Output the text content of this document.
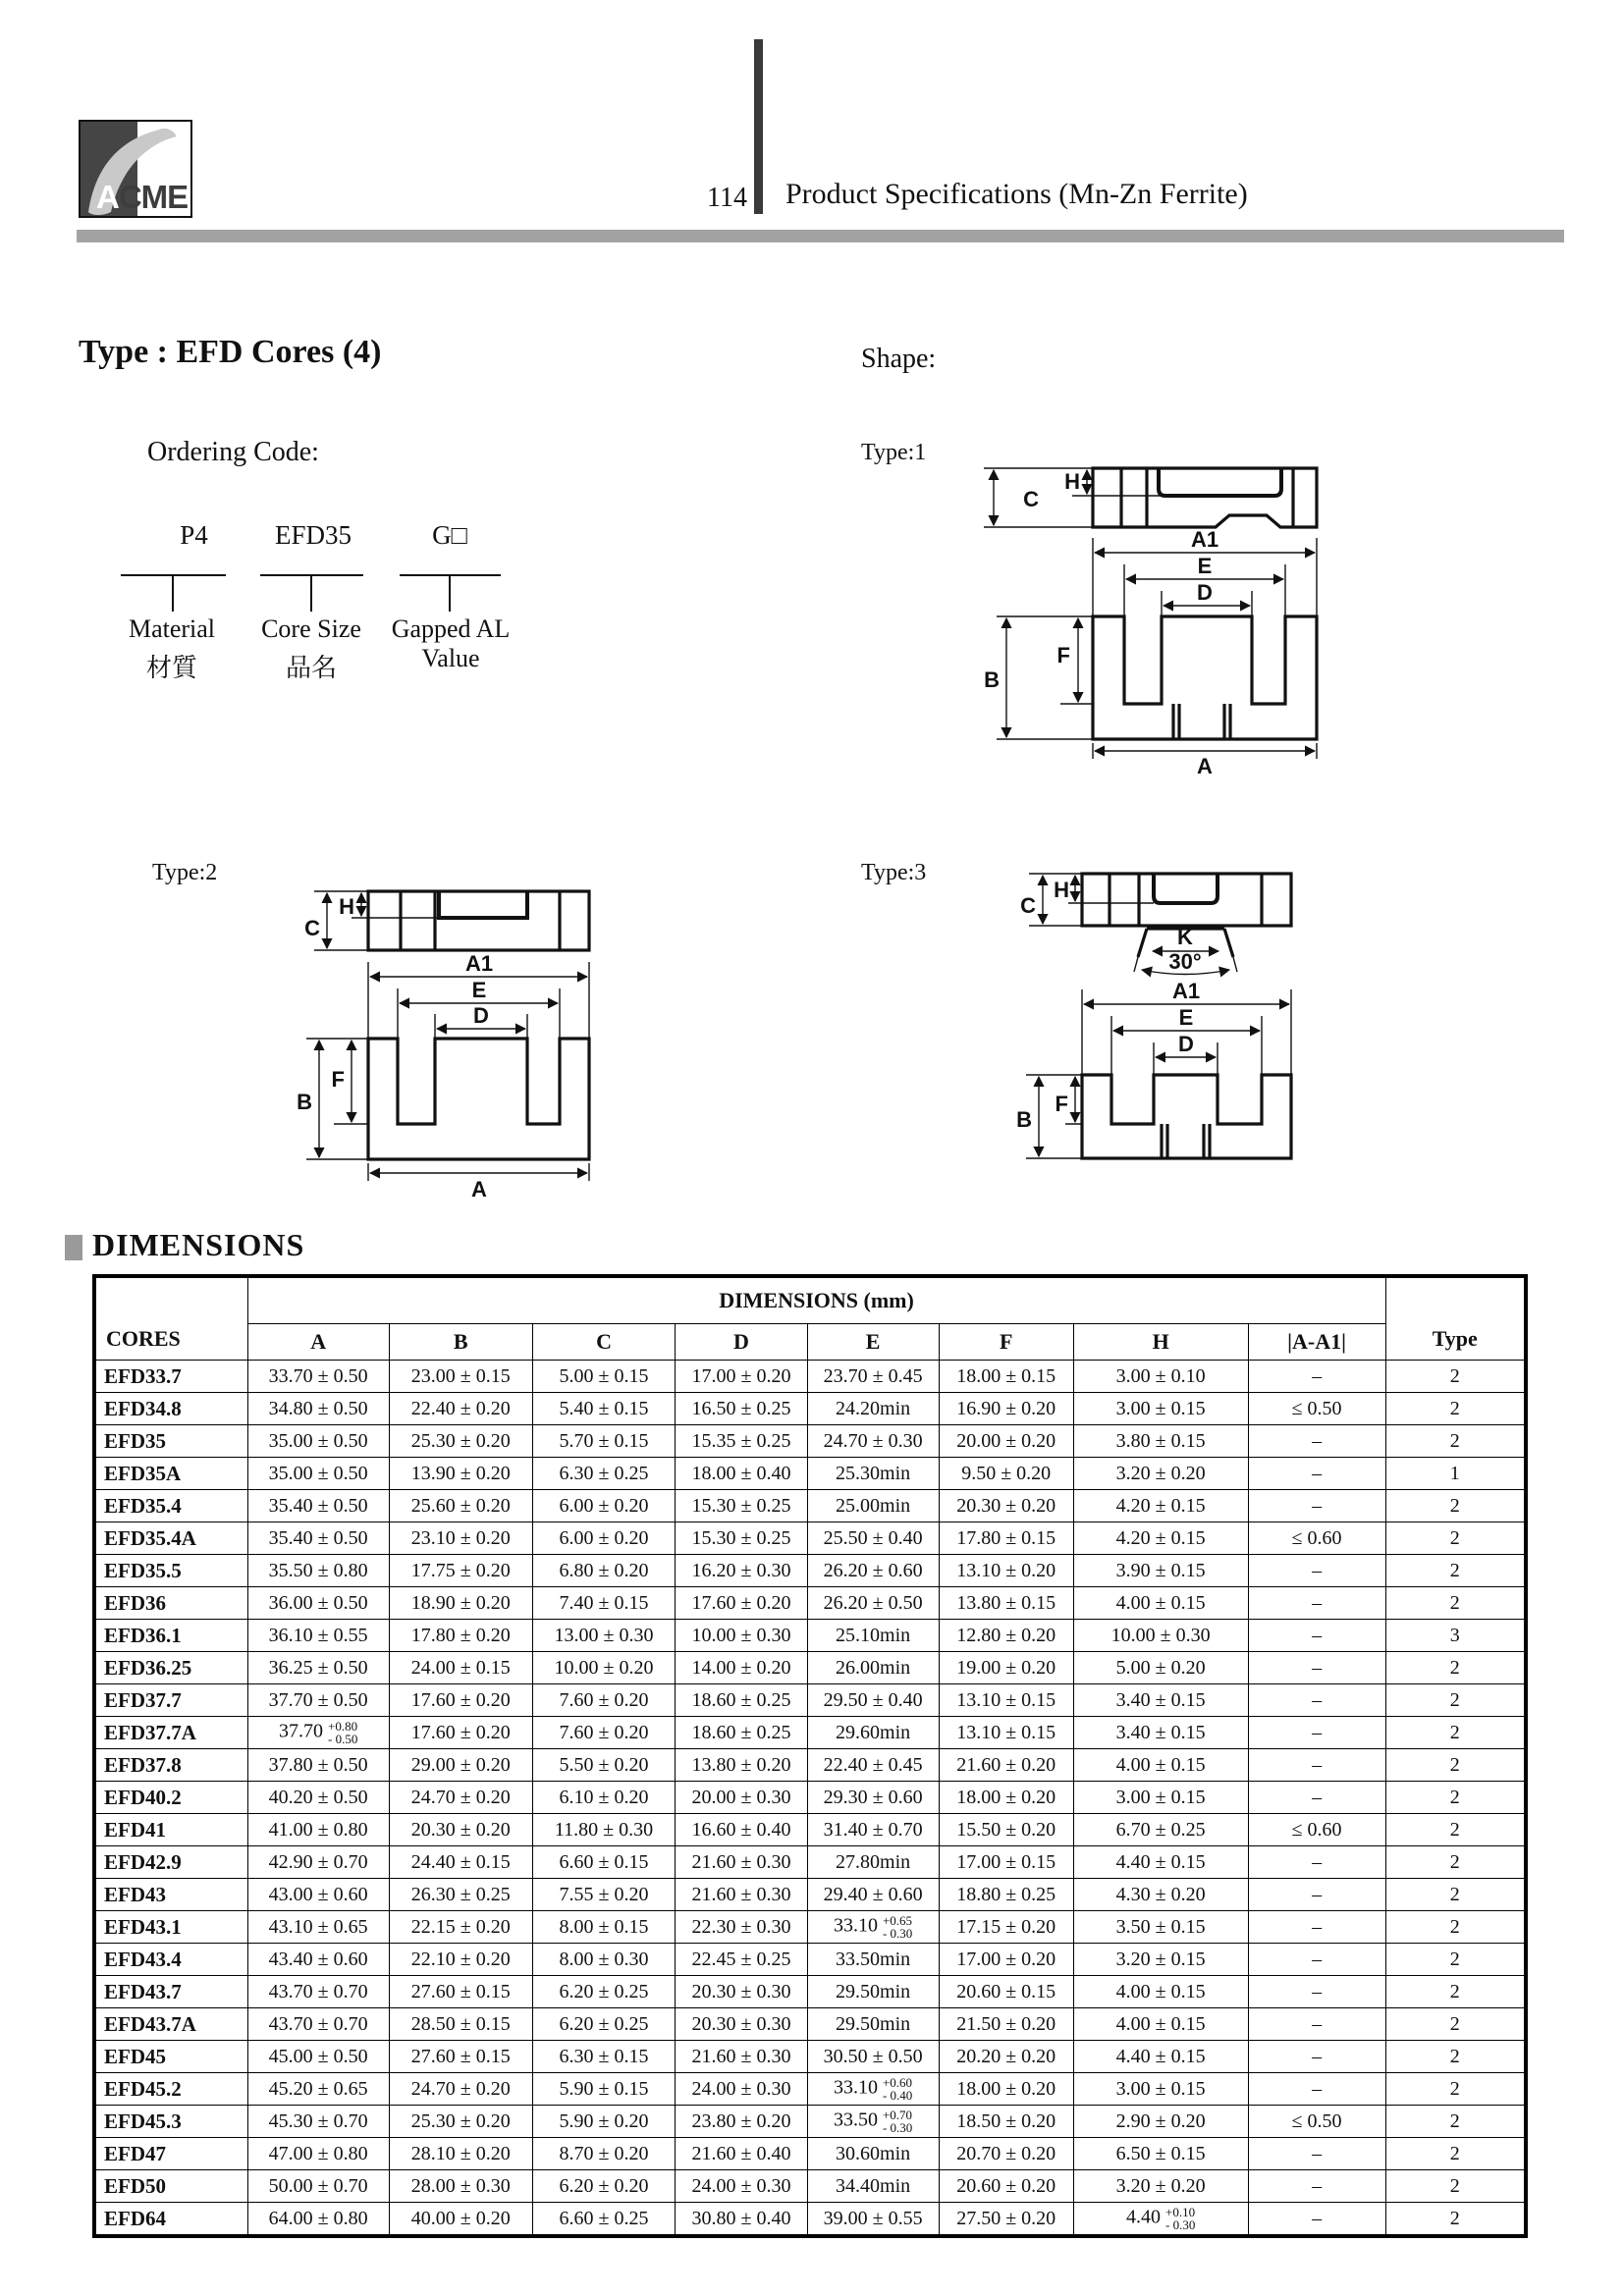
ACME	114 Product Specifications (Mn-Zn Ferrite)
Type : EFD Cores (4)	Shape:
Ordering Code:
P4	EFD35	G□
Material
材質
Core Size
品名
Gapped AL Value
Type:1
C
H
A1
E
D
B
F
A
Type:2
C
H
A1
E
D
B
F
A
Type:3
C
H
K
30°
A1
E
D
B
F
DIMENSIONS
CORES	DIMENSIONS (mm)								Type
	A	B	C	D	E	F	H	|A-A1|	
EFD33.7	33.70 ± 0.50	23.00 ± 0.15	5.00 ± 0.15	17.00 ± 0.20	23.70 ± 0.45	18.00 ± 0.15	3.00 ± 0.10	–	2
EFD34.8	34.80 ± 0.50	22.40 ± 0.20	5.40 ± 0.15	16.50 ± 0.25	24.20min	16.90 ± 0.20	3.00 ± 0.15	≤ 0.50	2
EFD35	35.00 ± 0.50	25.30 ± 0.20	5.70 ± 0.15	15.35 ± 0.25	24.70 ± 0.30	20.00 ± 0.20	3.80 ± 0.15	–	2
EFD35A	35.00 ± 0.50	13.90 ± 0.20	6.30 ± 0.25	18.00 ± 0.40	25.30min	9.50 ± 0.20	3.20 ± 0.20	–	1
EFD35.4	35.40 ± 0.50	25.60 ± 0.20	6.00 ± 0.20	15.30 ± 0.25	25.00min	20.30 ± 0.20	4.20 ± 0.15	–	2
EFD35.4A	35.40 ± 0.50	23.10 ± 0.20	6.00 ± 0.20	15.30 ± 0.25	25.50 ± 0.40	17.80 ± 0.15	4.20 ± 0.15	≤ 0.60	2
EFD35.5	35.50 ± 0.80	17.75 ± 0.20	6.80 ± 0.20	16.20 ± 0.30	26.20 ± 0.60	13.10 ± 0.20	3.90 ± 0.15	–	2
EFD36	36.00 ± 0.50	18.90 ± 0.20	7.40 ± 0.15	17.60 ± 0.20	26.20 ± 0.50	13.80 ± 0.15	4.00 ± 0.15	–	2
EFD36.1	36.10 ± 0.55	17.80 ± 0.20	13.00 ± 0.30	10.00 ± 0.30	25.10min	12.80 ± 0.20	10.00 ± 0.30	–	3
EFD36.25	36.25 ± 0.50	24.00 ± 0.15	10.00 ± 0.20	14.00 ± 0.20	26.00min	19.00 ± 0.20	5.00 ± 0.20	–	2
EFD37.7	37.70 ± 0.50	17.60 ± 0.20	7.60 ± 0.20	18.60 ± 0.25	29.50 ± 0.40	13.10 ± 0.15	3.40 ± 0.15	–	2
EFD37.7A	37.70 +0.80
- 0.50	17.60 ± 0.20	7.60 ± 0.20	18.60 ± 0.25	29.60min	13.10 ± 0.15	3.40 ± 0.15	–	2
EFD37.8	37.80 ± 0.50	29.00 ± 0.20	5.50 ± 0.20	13.80 ± 0.20	22.40 ± 0.45	21.60 ± 0.20	4.00 ± 0.15	–	2
EFD40.2	40.20 ± 0.50	24.70 ± 0.20	6.10 ± 0.20	20.00 ± 0.30	29.30 ± 0.60	18.00 ± 0.20	3.00 ± 0.15	–	2
EFD41	41.00 ± 0.80	20.30 ± 0.20	11.80 ± 0.30	16.60 ± 0.40	31.40 ± 0.70	15.50 ± 0.20	6.70 ± 0.25	≤ 0.60	2
EFD42.9	42.90 ± 0.70	24.40 ± 0.15	6.60 ± 0.15	21.60 ± 0.30	27.80min	17.00 ± 0.15	4.40 ± 0.15	–	2
EFD43	43.00 ± 0.60	26.30 ± 0.25	7.55 ± 0.20	21.60 ± 0.30	29.40 ± 0.60	18.80 ± 0.25	4.30 ± 0.20	–	2
EFD43.1	43.10 ± 0.65	22.15 ± 0.20	8.00 ± 0.15	22.30 ± 0.30	33.10 +0.65
- 0.30	17.15 ± 0.20	3.50 ± 0.15	–	2
EFD43.4	43.40 ± 0.60	22.10 ± 0.20	8.00 ± 0.30	22.45 ± 0.25	33.50min	17.00 ± 0.20	3.20 ± 0.15	–	2
EFD43.7	43.70 ± 0.70	27.60 ± 0.15	6.20 ± 0.25	20.30 ± 0.30	29.50min	20.60 ± 0.15	4.00 ± 0.15	–	2
EFD43.7A	43.70 ± 0.70	28.50 ± 0.15	6.20 ± 0.25	20.30 ± 0.30	29.50min	21.50 ± 0.20	4.00 ± 0.15	–	2
EFD45	45.00 ± 0.50	27.60 ± 0.15	6.30 ± 0.15	21.60 ± 0.30	30.50 ± 0.50	20.20 ± 0.20	4.40 ± 0.15	–	2
EFD45.2	45.20 ± 0.65	24.70 ± 0.20	5.90 ± 0.15	24.00 ± 0.30	33.10 +0.60
- 0.40	18.00 ± 0.20	3.00 ± 0.15	–	2
EFD45.3	45.30 ± 0.70	25.30 ± 0.20	5.90 ± 0.20	23.80 ± 0.20	33.50 +0.70
- 0.30	18.50 ± 0.20	2.90 ± 0.20	≤ 0.50	2
EFD47	47.00 ± 0.80	28.10 ± 0.20	8.70 ± 0.20	21.60 ± 0.40	30.60min	20.70 ± 0.20	6.50 ± 0.15	–	2
EFD50	50.00 ± 0.70	28.00 ± 0.30	6.20 ± 0.20	24.00 ± 0.30	34.40min	20.60 ± 0.20	3.20 ± 0.20	–	2
EFD64	64.00 ± 0.80	40.00 ± 0.20	6.60 ± 0.25	30.80 ± 0.40	39.00 ± 0.55	27.50 ± 0.20	4.40 +0.10
- 0.30	–	2
